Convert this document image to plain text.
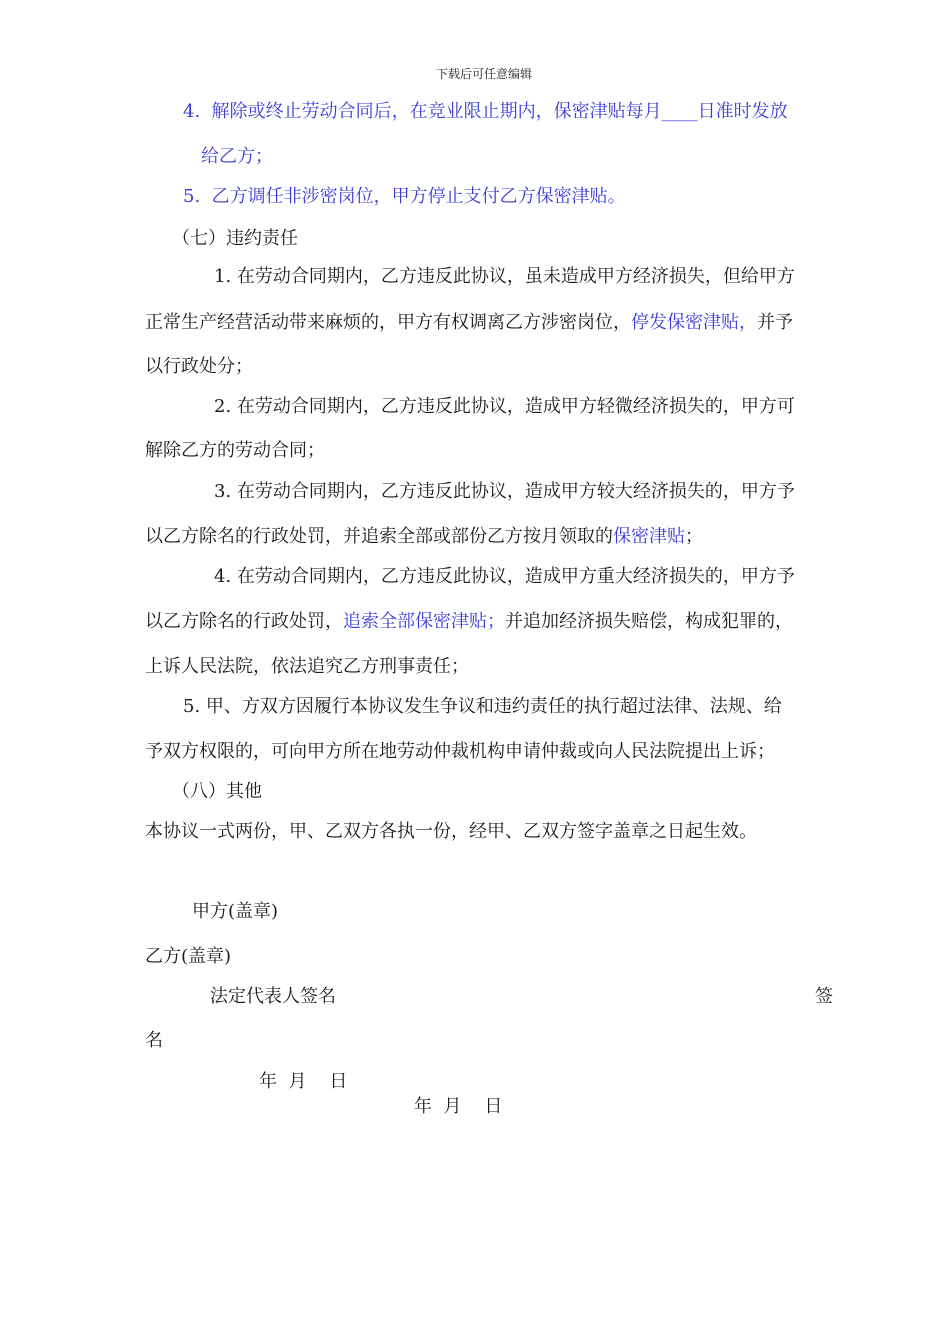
下载后可任意编辑
4. 解除或终止劳动合同后，在竞业限止期内，保密津贴每月____日准时发放
给乙方；
5. 乙方调任非涉密岗位，甲方停止支付乙方保密津贴。
（七）违约责任
1. 在劳动合同期内，乙方违反此协议，虽未造成甲方经济损失，但给甲方
正常生产经营活动带来麻烦的，甲方有权调离乙方涉密岗位，停发保密津贴，并予
以行政处分；
2. 在劳动合同期内，乙方违反此协议，造成甲方轻微经济损失的，甲方可
解除乙方的劳动合同；
3. 在劳动合同期内，乙方违反此协议，造成甲方较大经济损失的，甲方予
以乙方除名的行政处罚，并追索全部或部份乙方按月领取的保密津贴；
4. 在劳动合同期内，乙方违反此协议，造成甲方重大经济损失的，甲方予
以乙方除名的行政处罚，追索全部保密津贴；并追加经济损失赔偿，构成犯罪的，
上诉人民法院，依法追究乙方刑事责任；
5. 甲、方双方因履行本协议发生争议和违约责任的执行超过法律、法规、给
予双方权限的，可向甲方所在地劳动仲裁机构申请仲裁或向人民法院提出上诉；
（八）其他
本协议一式两份，甲、乙双方各执一份，经甲、乙双方签字盖章之日起生效。
甲方(盖章)
乙方(盖章)
法定代表人签名	签
名
年  月    日
年  月    日
